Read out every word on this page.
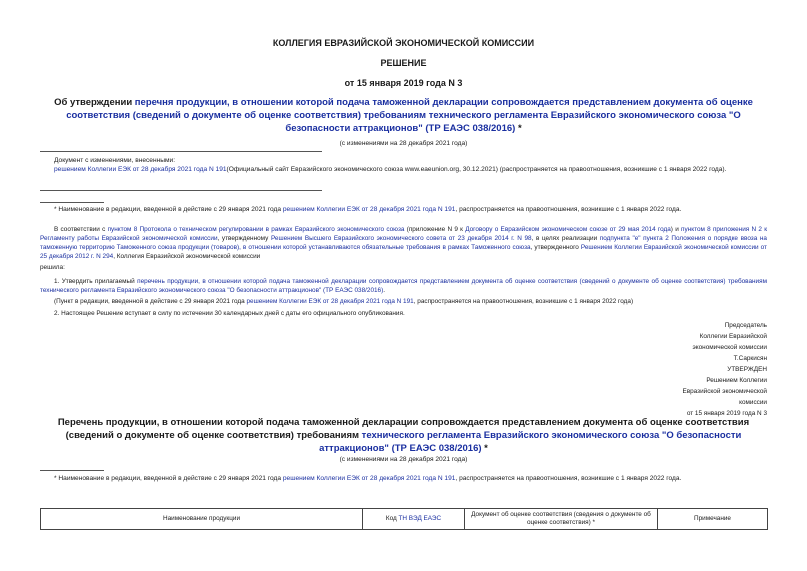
КОЛЛЕГИЯ ЕВРАЗИЙСКОЙ ЭКОНОМИЧЕСКОЙ КОМИССИИ
РЕШЕНИЕ
от 15 января 2019 года N 3
Об утверждении перечня продукции, в отношении которой подача таможенной декларации сопровождается представлением документа об оценке соответствия (сведений о документе об оценке соответствия) требованиям технического регламента Евразийского экономического союза "О безопасности аттракционов" (ТР ЕАЭС 038/2016) *
(с изменениями на 28 декабря 2021 года)
Документ с изменениями, внесенными:
решением Коллегии ЕЭК от 28 декабря 2021 года N 191(Официальный сайт Евразийского экономического союза www.eaeunion.org, 30.12.2021) (распространяется на правоотношения, возникшие с 1 января 2022 года).
* Наименование в редакции, введенной в действие с 29 января 2021 года решением Коллегии ЕЭК от 28 декабря 2021 года N 191, распространяется на правоотношения, возникшие с 1 января 2022 года.
В соответствии с пунктом 8 Протокола о техническом регулировании в рамках Евразийского экономического союза (приложение N 9 к Договору о Евразийском экономическом союзе от 29 мая 2014 года) и пунктом 8 приложения N 2 к Регламенту работы Евразийской экономической комиссии, утвержденному Решением Высшего Евразийского экономического совета от 23 декабря 2014 г. N 98, в целях реализации подпункта "е" пункта 2 Положения о порядке ввоза на таможенную территорию Таможенного союза продукции (товаров), в отношении которой устанавливаются обязательные требования в рамках Таможенного союза, утвержденного Решением Коллегии Евразийской экономической комиссии от 25 декабря 2012 г. N 294, Коллегия Евразийской экономической комиссии
решила:
1. Утвердить прилагаемый перечень продукции, в отношении которой подача таможенной декларации сопровождается представлением документа об оценке соответствия (сведений о документе об оценке соответствия) требованиям технического регламента Евразийского экономического союза "О безопасности аттракционов" (ТР ЕАЭС 038/2016).
(Пункт в редакции, введенной в действие с 29 января 2021 года решением Коллегии ЕЭК от 28 декабря 2021 года N 191, распространяется на правоотношения, возникшие с 1 января 2022 года)
2. Настоящее Решение вступает в силу по истечении 30 календарных дней с даты его официального опубликования.
Председатель
Коллегии Евразийской
экономической комиссии
Т.Саркисян
УТВЕРЖДЕН
Решением Коллегии
Евразийской экономической
комиссии
от 15 января 2019 года N 3
Перечень продукции, в отношении которой подача таможенной декларации сопровождается представлением документа об оценке соответствия (сведений о документе об оценке соответствия) требованиям технического регламента Евразийского экономического союза "О безопасности аттракционов" (ТР ЕАЭС 038/2016) *
(с изменениями на 28 декабря 2021 года)
* Наименование в редакции, введенной в действие с 29 января 2021 года решением Коллегии ЕЭК от 28 декабря 2021 года N 191, распространяется на правоотношения, возникшие с 1 января 2022 года.
Наименование продукции	Код ТН ВЭД ЕАЭС	Документ об оценке соответствия (сведения о документе об оценке соответствия) *	Примечание
